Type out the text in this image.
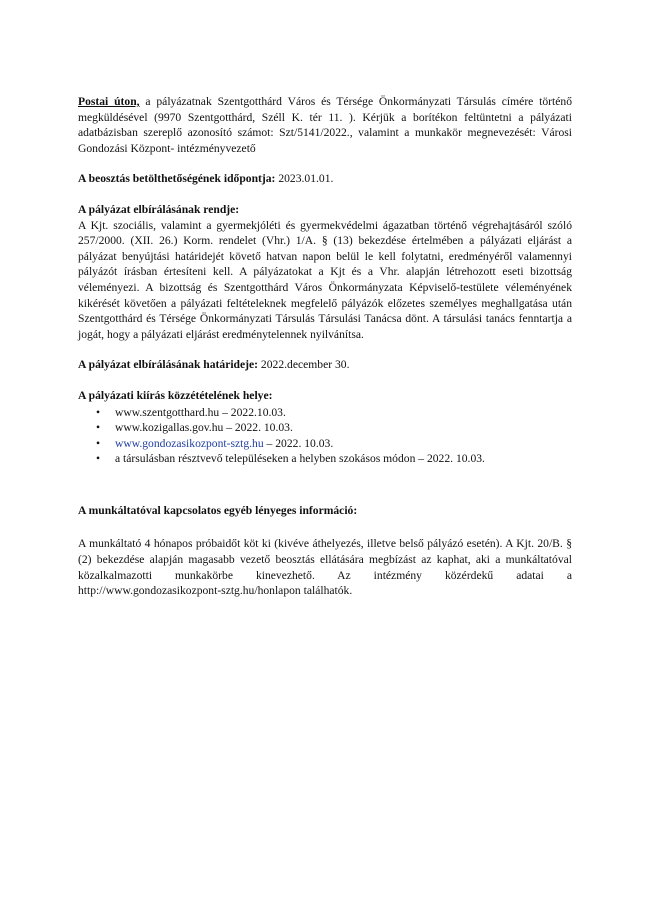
Postai úton, a pályázatnak Szentgotthárd Város és Térsége Önkormányzati Társulás címére történő megküldésével (9970 Szentgotthárd, Széll K. tér 11. ). Kérjük a borítékon feltüntetni a pályázati adatbázisban szereplő azonosító számot: Szt/5141/2022., valamint a munkakör megnevezését: Városi Gondozási Központ- intézményvezető

A beosztás betölthetőségének időpontja: 2023.01.01.

A pályázat elbírálásának rendje:

A Kjt. szociális, valamint a gyermekjóléti és gyermekvédelmi ágazatban történő végrehajtásáról szóló 257/2000. (XII. 26.) Korm. rendelet (Vhr.) 1/A. § (13) bekezdése értelmében a pályázati eljárást a pályázat benyújtási határidejét követő hatvan napon belül le kell folytatni, eredményéről valamennyi pályázót írásban értesíteni kell. A pályázatokat a Kjt és a Vhr. alapján létrehozott eseti bizottság véleményezi. A bizottság és Szentgotthárd Város Önkormányzata Képviselő-testülete véleményének kikérését követően a pályázati feltételeknek megfelelő pályázók előzetes személyes meghallgatása után Szentgotthárd és Térsége Önkormányzati Társulás Társulási Tanácsa dönt. A társulási tanács fenntartja a jogát, hogy a pályázati eljárást eredménytelennek nyilvánítsa.

A pályázat elbírálásának határideje: 2022.december 30.

A pályázati kiírás közzétételének helye:

• www.szentgotthard.hu – 2022.10.03.
• www.kozigallas.gov.hu – 2022. 10.03.
• www.gondozasikozpont-sztg.hu – 2022. 10.03.
• a társulásban résztvevő településeken a helyben szokásos módon – 2022. 10.03.

A munkáltatóval kapcsolatos egyéb lényeges információ:

A munkáltató 4 hónapos próbaidőt köt ki (kivéve áthelyezés, illetve belső pályázó esetén). A Kjt. 20/B. § (2) bekezdése alapján magasabb vezető beosztás ellátására megbízást az kaphat, aki a munkáltatóval közalkalmazotti munkakörbe kinevezhető. Az intézmény közérdekű adatai a http://www.gondozasikozpont-sztg.hu/honlapon találhatók.
